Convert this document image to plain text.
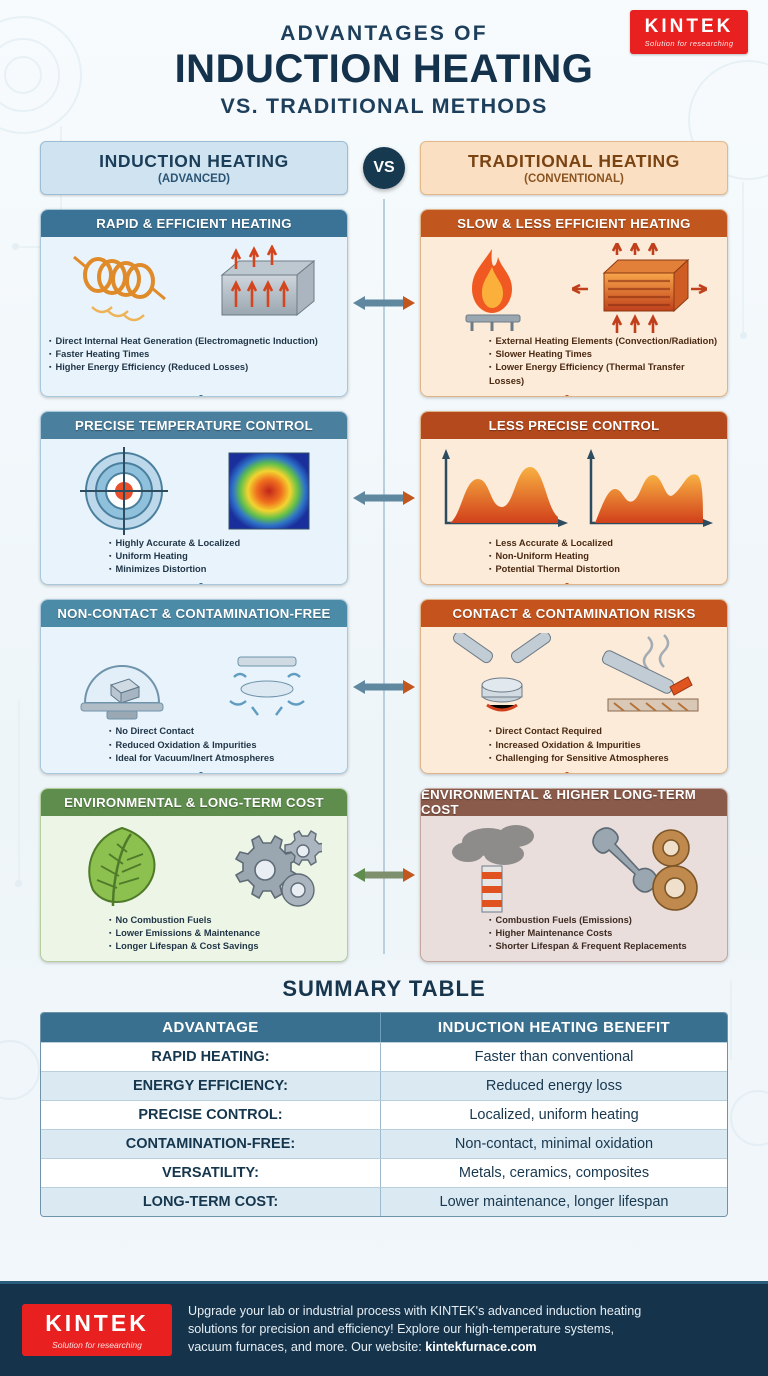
KINTEK
Solution for researching
ADVANTAGES OF
INDUCTION HEATING
VS. TRADITIONAL METHODS
INDUCTION HEATING
(ADVANCED)
VS	TRADITIONAL HEATING
(CONVENTIONAL)
RAPID & EFFICIENT HEATING
▪ Direct Internal Heat Generation (Electromagnetic Induction)
▪ Faster Heating Times
▪ Higher Energy Efficiency (Reduced Losses)
SLOW & LESS EFFICIENT HEATING
▪ External Heating Elements (Convection/Radiation)
▪ Slower Heating Times
▪ Lower Energy Efficiency (Thermal Transfer Losses)
PRECISE TEMPERATURE CONTROL
▪ Highly Accurate & Localized
▪ Uniform Heating
▪ Minimizes Distortion
LESS PRECISE CONTROL
▪ Less Accurate & Localized
▪ Non-Uniform Heating
▪ Potential Thermal Distortion
NON-CONTACT & CONTAMINATION-FREE
▪ No Direct Contact
▪ Reduced Oxidation & Impurities
▪ Ideal for Vacuum/Inert Atmospheres
CONTACT & CONTAMINATION RISKS
▪ Direct Contact Required
▪ Increased Oxidation & Impurities
▪ Challenging for Sensitive Atmospheres
ENVIRONMENTAL & LONG-TERM COST
▪ No Combustion Fuels
▪ Lower Emissions & Maintenance
▪ Longer Lifespan & Cost Savings
ENVIRONMENTAL & HIGHER LONG-TERM COST
▪ Combustion Fuels (Emissions)
▪ Higher Maintenance Costs
▪ Shorter Lifespan & Frequent Replacements
SUMMARY TABLE
ADVANTAGE	INDUCTION HEATING BENEFIT
RAPID HEATING:	Faster than conventional
ENERGY EFFICIENCY:	Reduced energy loss
PRECISE CONTROL:	Localized, uniform heating
CONTAMINATION-FREE:	Non-contact, minimal oxidation
VERSATILITY:	Metals, ceramics, composites
LONG-TERM COST:	Lower maintenance, longer lifespan
KINTEK
Solution for researching
Upgrade your lab or industrial process with KINTEK's advanced induction heating
solutions for precision and efficiency! Explore our high-temperature systems,
vacuum furnaces, and more. Our website: kintekfurnace.com
